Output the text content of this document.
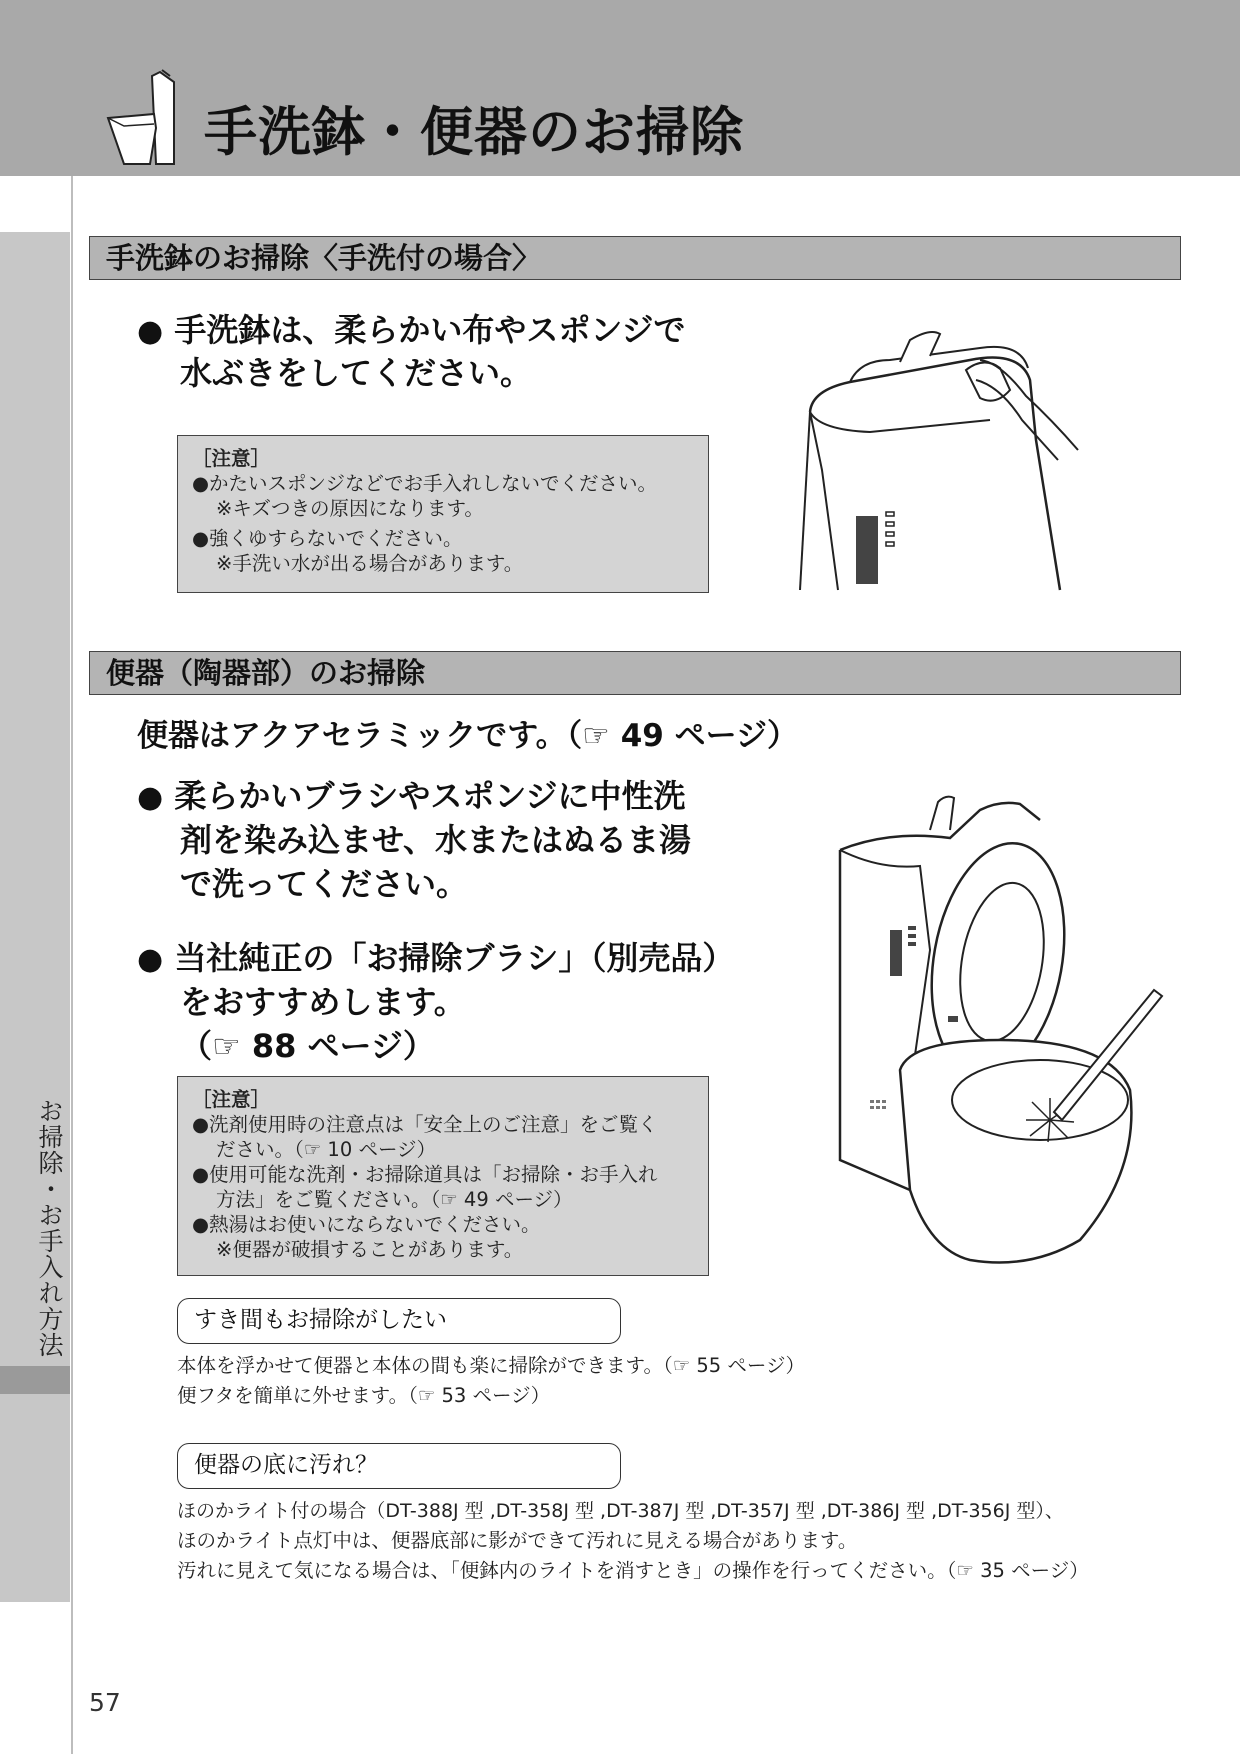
手洗鉢・便器のお掃除
お掃除・お手入れ方法
手洗鉢のお掃除〈手洗付の場合〉
● 手洗鉢は、柔らかい布やスポンジで
水ぶきをしてください。
［注意］
●かたいスポンジなどでお手入れしないでください。
※キズつきの原因になります。
●強くゆすらないでください。
※手洗い水が出る場合があります。
便器（陶器部）のお掃除
便器はアクアセラミックです。（☞ 49 ページ）
● 柔らかいブラシやスポンジに中性洗
剤を染み込ませ、水またはぬるま湯
で洗ってください。
● 当社純正の「お掃除ブラシ」（別売品）
をおすすめします。
（☞ 88 ページ）
［注意］
●洗剤使用時の注意点は「安全上のご注意」をご覧く
ださい。（☞ 10 ページ）
●使用可能な洗剤・お掃除道具は「お掃除・お手入れ
方法」をご覧ください。（☞ 49 ページ）
●熱湯はお使いにならないでください。
※便器が破損することがあります。
すき間もお掃除がしたい
本体を浮かせて便器と本体の間も楽に掃除ができます。（☞ 55 ページ）
便フタを簡単に外せます。（☞ 53 ページ）
便器の底に汚れ？
ほのかライト付の場合（DT-388J 型 ,DT-358J 型 ,DT-387J 型 ,DT-357J 型 ,DT-386J 型 ,DT-356J 型）、
ほのかライト点灯中は、便器底部に影ができて汚れに見える場合があります。
汚れに見えて気になる場合は、「便鉢内のライトを消すとき」の操作を行ってください。（☞ 35 ページ）
57
